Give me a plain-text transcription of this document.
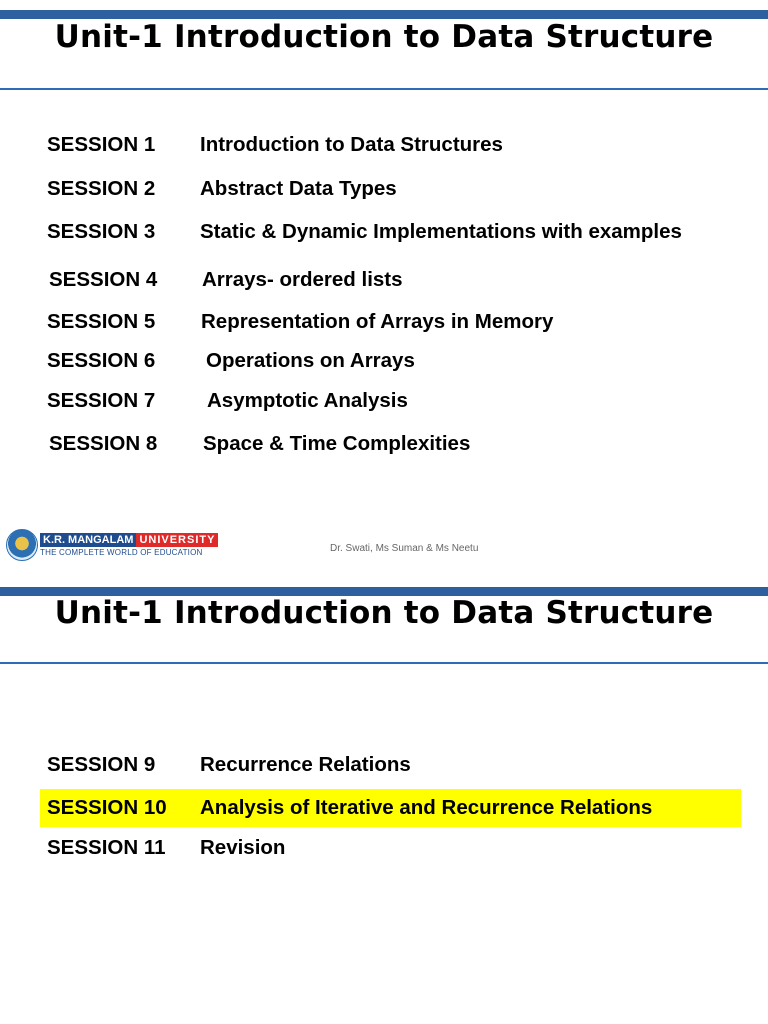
Unit-1 Introduction to Data Structure
SESSION 1 Introduction to Data Structures
SESSION 2 Abstract Data Types
SESSION 3 Static & Dynamic Implementations with examples
SESSION 4 Arrays- ordered lists
SESSION 5 Representation of Arrays in Memory
SESSION 6 Operations on Arrays
SESSION 7	Asymptotic Analysis
SESSION 8 Space & Time Complexities
K.R. MANGALAM UNIVERSITY
THE COMPLETE WORLD OF EDUCATION	Dr. Swati, Ms Suman & Ms Neetu
Unit-1 Introduction to Data Structure
SESSION 9 Recurrence Relations
SESSION 10 Analysis of Iterative and Recurrence Relations
SESSION 11 Revision
